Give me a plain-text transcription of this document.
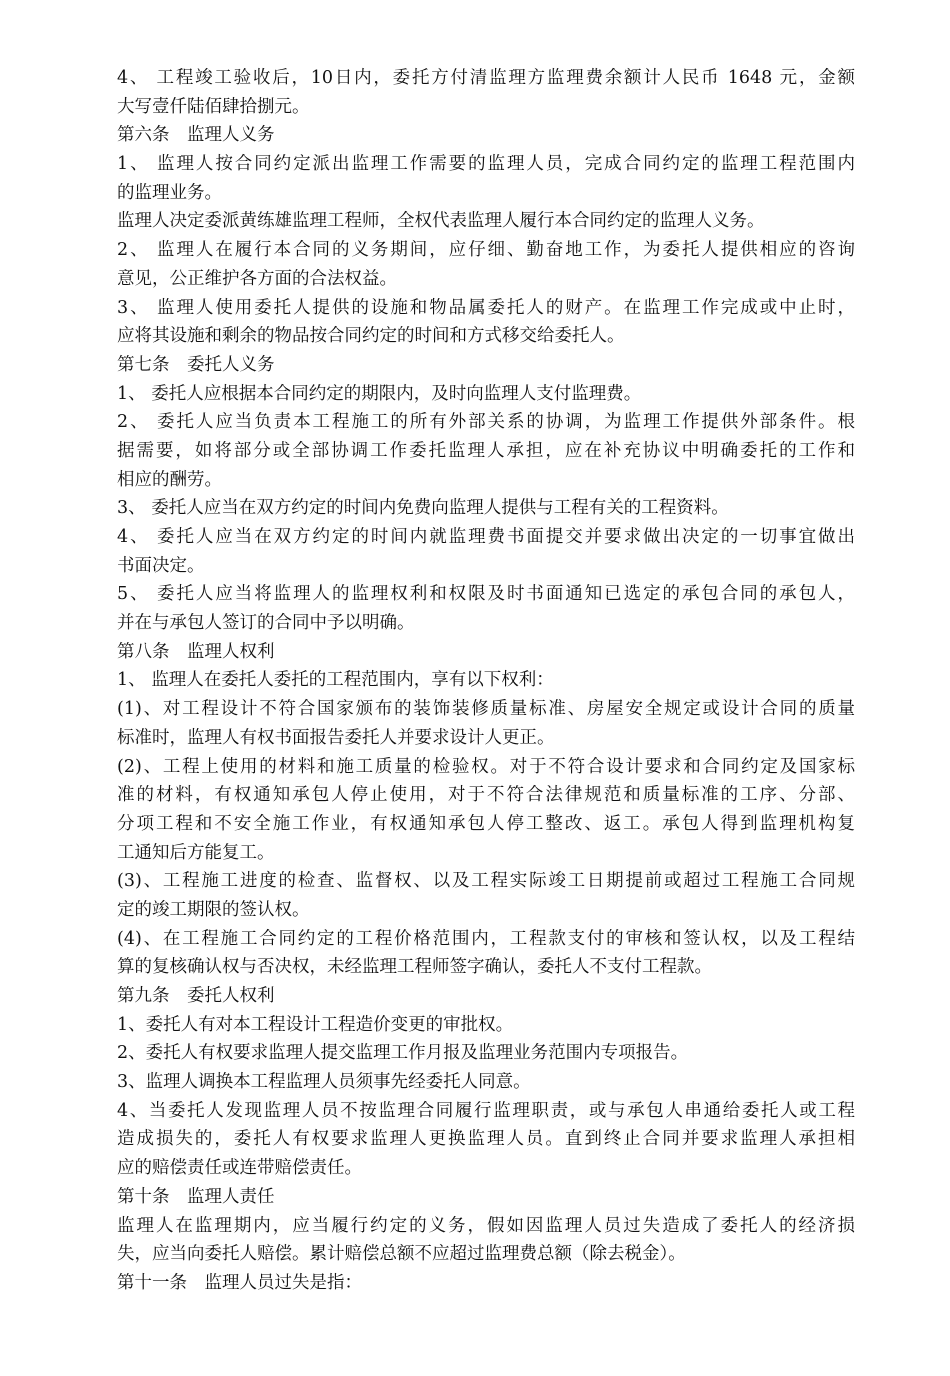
4、 工程竣工验收后，10日内，委托方付清监理方监理费余额计人民币 1648 元，金额
大写壹仟陆佰肆拾捌元。
第六条　监理人义务
1、 监理人按合同约定派出监理工作需要的监理人员，完成合同约定的监理工程范围内
的监理业务。
监理人决定委派黄练雄监理工程师，全权代表监理人履行本合同约定的监理人义务。
2、 监理人在履行本合同的义务期间，应仔细、勤奋地工作，为委托人提供相应的咨询
意见，公正维护各方面的合法权益。
3、 监理人使用委托人提供的设施和物品属委托人的财产。在监理工作完成或中止时，
应将其设施和剩余的物品按合同约定的时间和方式移交给委托人。
第七条　委托人义务
1、 委托人应根据本合同约定的期限内，及时向监理人支付监理费。
2、 委托人应当负责本工程施工的所有外部关系的协调，为监理工作提供外部条件。根
据需要，如将部分或全部协调工作委托监理人承担，应在补充协议中明确委托的工作和
相应的酬劳。
3、 委托人应当在双方约定的时间内免费向监理人提供与工程有关的工程资料。
4、 委托人应当在双方约定的时间内就监理费书面提交并要求做出决定的一切事宜做出
书面决定。
5、 委托人应当将监理人的监理权利和权限及时书面通知已选定的承包合同的承包人，
并在与承包人签订的合同中予以明确。
第八条　监理人权利
1、 监理人在委托人委托的工程范围内，享有以下权利：
(1)、对工程设计不符合国家颁布的装饰装修质量标准、房屋安全规定或设计合同的质量
标准时，监理人有权书面报告委托人并要求设计人更正。
(2)、工程上使用的材料和施工质量的检验权。对于不符合设计要求和合同约定及国家标
准的材料，有权通知承包人停止使用，对于不符合法律规范和质量标准的工序、分部、
分项工程和不安全施工作业，有权通知承包人停工整改、返工。承包人得到监理机构复
工通知后方能复工。
(3)、工程施工进度的检查、监督权、以及工程实际竣工日期提前或超过工程施工合同规
定的竣工期限的签认权。
(4)、在工程施工合同约定的工程价格范围内，工程款支付的审核和签认权，以及工程结
算的复核确认权与否决权，未经监理工程师签字确认，委托人不支付工程款。
第九条　委托人权利
1、委托人有对本工程设计工程造价变更的审批权。
2、委托人有权要求监理人提交监理工作月报及监理业务范围内专项报告。
3、监理人调换本工程监理人员须事先经委托人同意。
4、当委托人发现监理人员不按监理合同履行监理职责，或与承包人串通给委托人或工程
造成损失的，委托人有权要求监理人更换监理人员。直到终止合同并要求监理人承担相
应的赔偿责任或连带赔偿责任。
第十条　监理人责任
监理人在监理期内，应当履行约定的义务，假如因监理人员过失造成了委托人的经济损
失，应当向委托人赔偿。累计赔偿总额不应超过监理费总额（除去税金）。
第十一条　监理人员过失是指：
